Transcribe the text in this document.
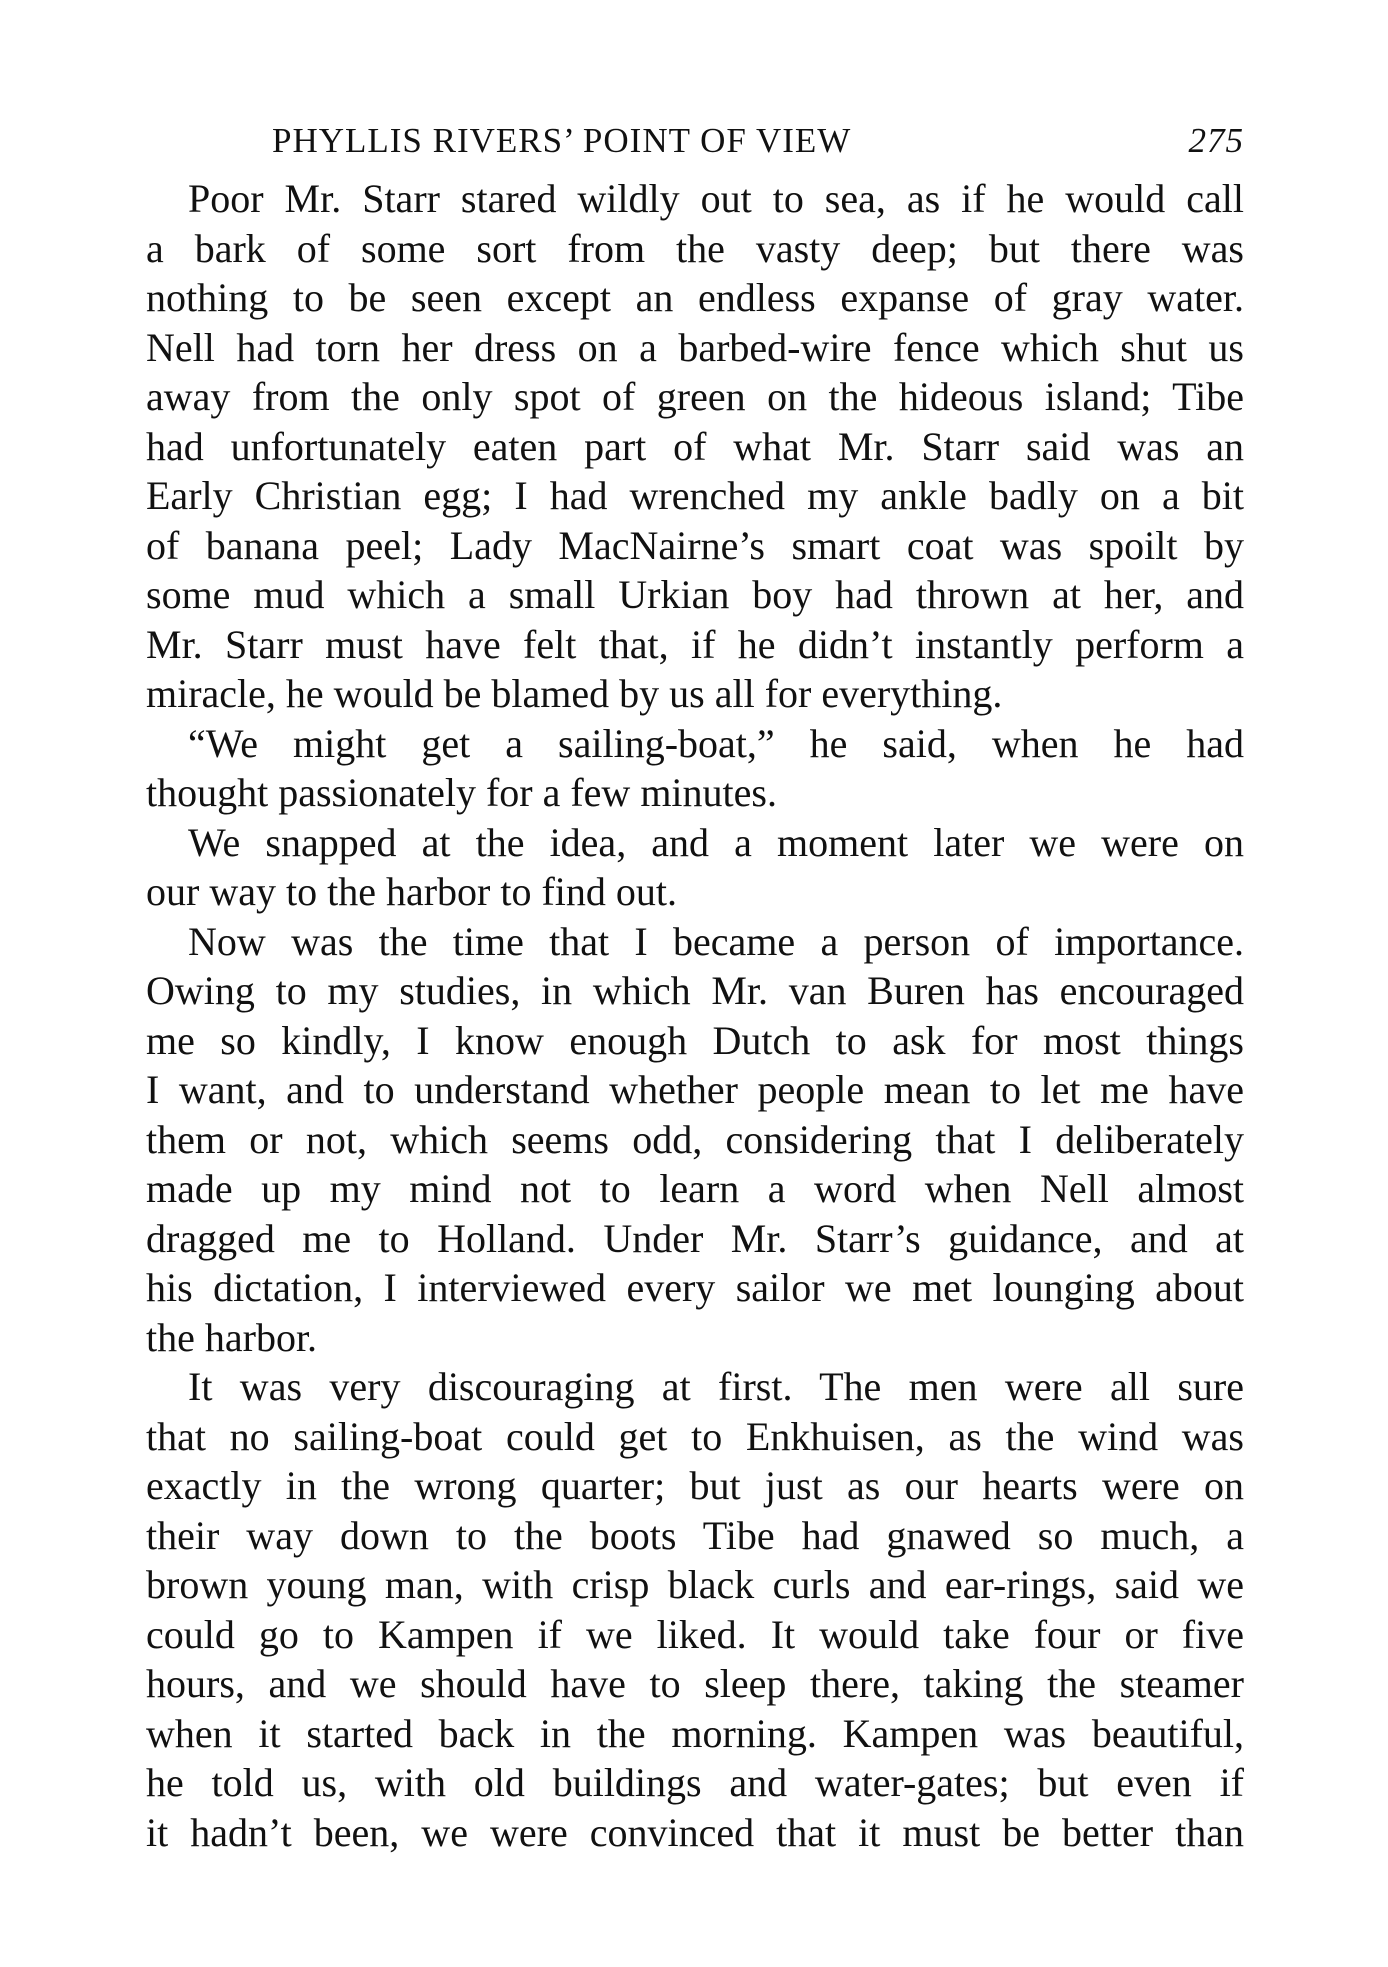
PHYLLIS RIVERS’ POINT OF VIEW	275
Poor Mr. Starr stared wildly out to sea, as if he would call
a bark of some sort from the vasty deep; but there was
nothing to be seen except an endless expanse of gray water.
Nell had torn her dress on a barbed-wire fence which shut us
away from the only spot of green on the hideous island; Tibe
had unfortunately eaten part of what Mr. Starr said was an
Early Christian egg; I had wrenched my ankle badly on a bit
of banana peel; Lady MacNairne’s smart coat was spoilt by
some mud which a small Urkian boy had thrown at her, and
Mr. Starr must have felt that, if he didn’t instantly perform a
miracle, he would be blamed by us all for everything.
“We might get a sailing-boat,” he said, when he had
thought passionately for a few minutes.
We snapped at the idea, and a moment later we were on
our way to the harbor to find out.
Now was the time that I became a person of importance.
Owing to my studies, in which Mr. van Buren has encouraged
me so kindly, I know enough Dutch to ask for most things
I want, and to understand whether people mean to let me have
them or not, which seems odd, considering that I deliberately
made up my mind not to learn a word when Nell almost
dragged me to Holland. Under Mr. Starr’s guidance, and at
his dictation, I interviewed every sailor we met lounging about
the harbor.
It was very discouraging at first. The men were all sure
that no sailing-boat could get to Enkhuisen, as the wind was
exactly in the wrong quarter; but just as our hearts were on
their way down to the boots Tibe had gnawed so much, a
brown young man, with crisp black curls and ear-rings, said we
could go to Kampen if we liked. It would take four or five
hours, and we should have to sleep there, taking the steamer
when it started back in the morning. Kampen was beautiful,
he told us, with old buildings and water-gates; but even if
it hadn’t been, we were convinced that it must be better than
